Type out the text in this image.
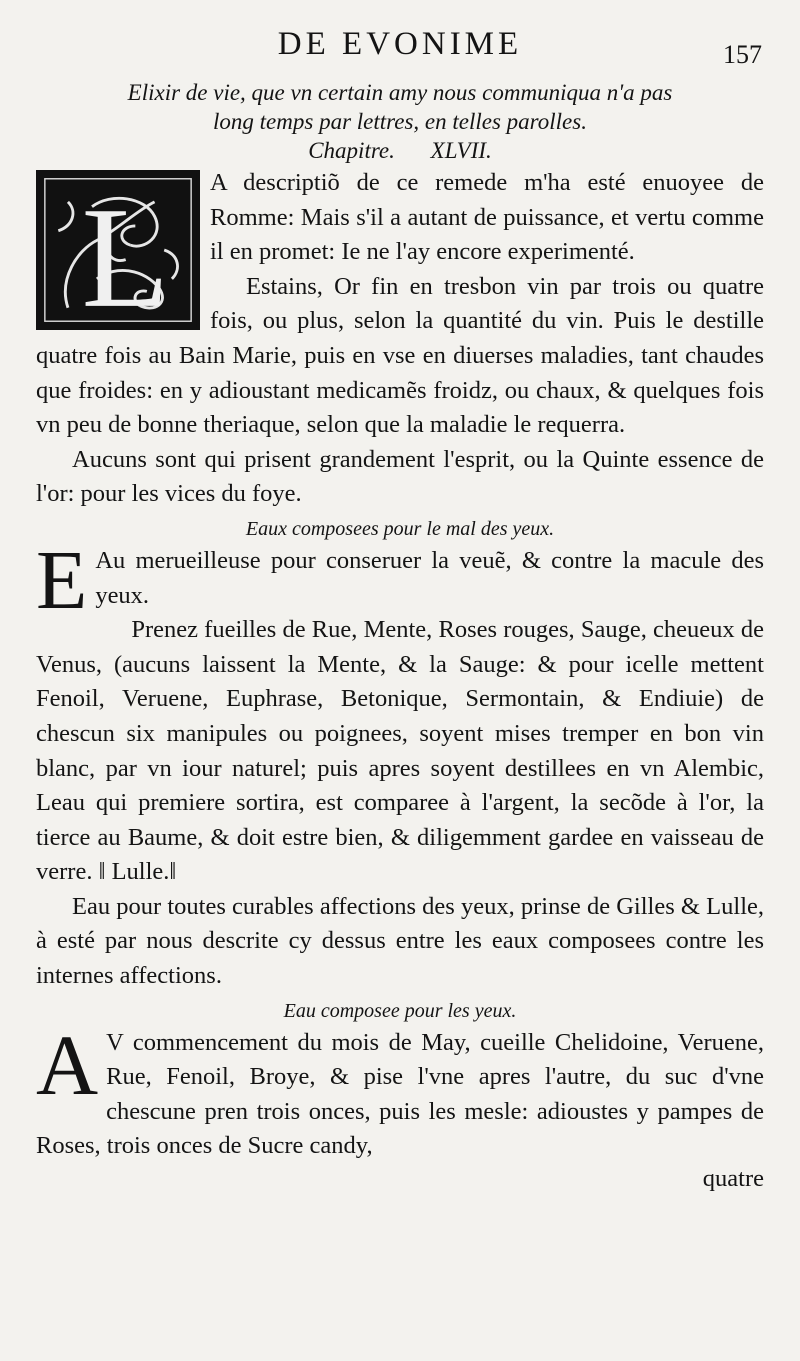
DE EVONIME	157
Elixir de vie, que vn certain amy nous communiqua n'a pas
long temps par lettres, en telles parolles.
Chapitre. XLVII.
L	A descriptiõ de ce remede m'ha esté enuoyee de Romme: Mais s'il a autant de puissance, et vertu comme il en promet: Ie ne l'ay encore experimenté.

Estains, Or fin en tresbon vin par trois ou quatre fois, ou plus, selon la quantité du vin. Puis le destille quatre fois au Bain Marie, puis en vse en diuerses maladies, tant chaudes que froides: en y adioustant medicamẽs froidz, ou chaux, & quelques fois vn peu de bonne theriaque, selon que la maladie le requerra.

Aucuns sont qui prisent grandement l'esprit, ou la Quinte essence de l'or: pour les vices du foye.

Eaux composees pour le mal des yeux.
E Au merueilleuse pour conseruer la veuẽ, & contre la macule des yeux.

Prenez fueilles de Rue, Mente, Roses rouges, Sauge, cheueux de Venus, (aucuns laissent la Mente, & la Sauge: & pour icelle mettent Fenoil, Veruene, Euphrase, Betonique, Sermontain, & Endiuie) de chescun six manipules ou poignees, soyent mises tremper en bon vin blanc, par vn iour naturel; puis apres soyent destillees en vn Alembic, Leau qui premiere sortira, est comparee à l'argent, la secõde à l'or, la tierce au Baume, & doit estre bien, & diligemment gardee en vaisseau de verre. ‖ Lulle.‖

Eau pour toutes curables affections des yeux, prinse de Gilles & Lulle, à esté par nous descrite cy dessus entre les eaux composees contre les internes affections.

Eau composee pour les yeux.
A V commencement du mois de May, cueille Chelidoine, Veruene, Rue, Fenoil, Broye, & pise l'vne apres l'autre, du suc d'vne chescune pren trois onces, puis les mesle: adioustes y pampes de Roses, trois onces de Sucre candy,

quatre
